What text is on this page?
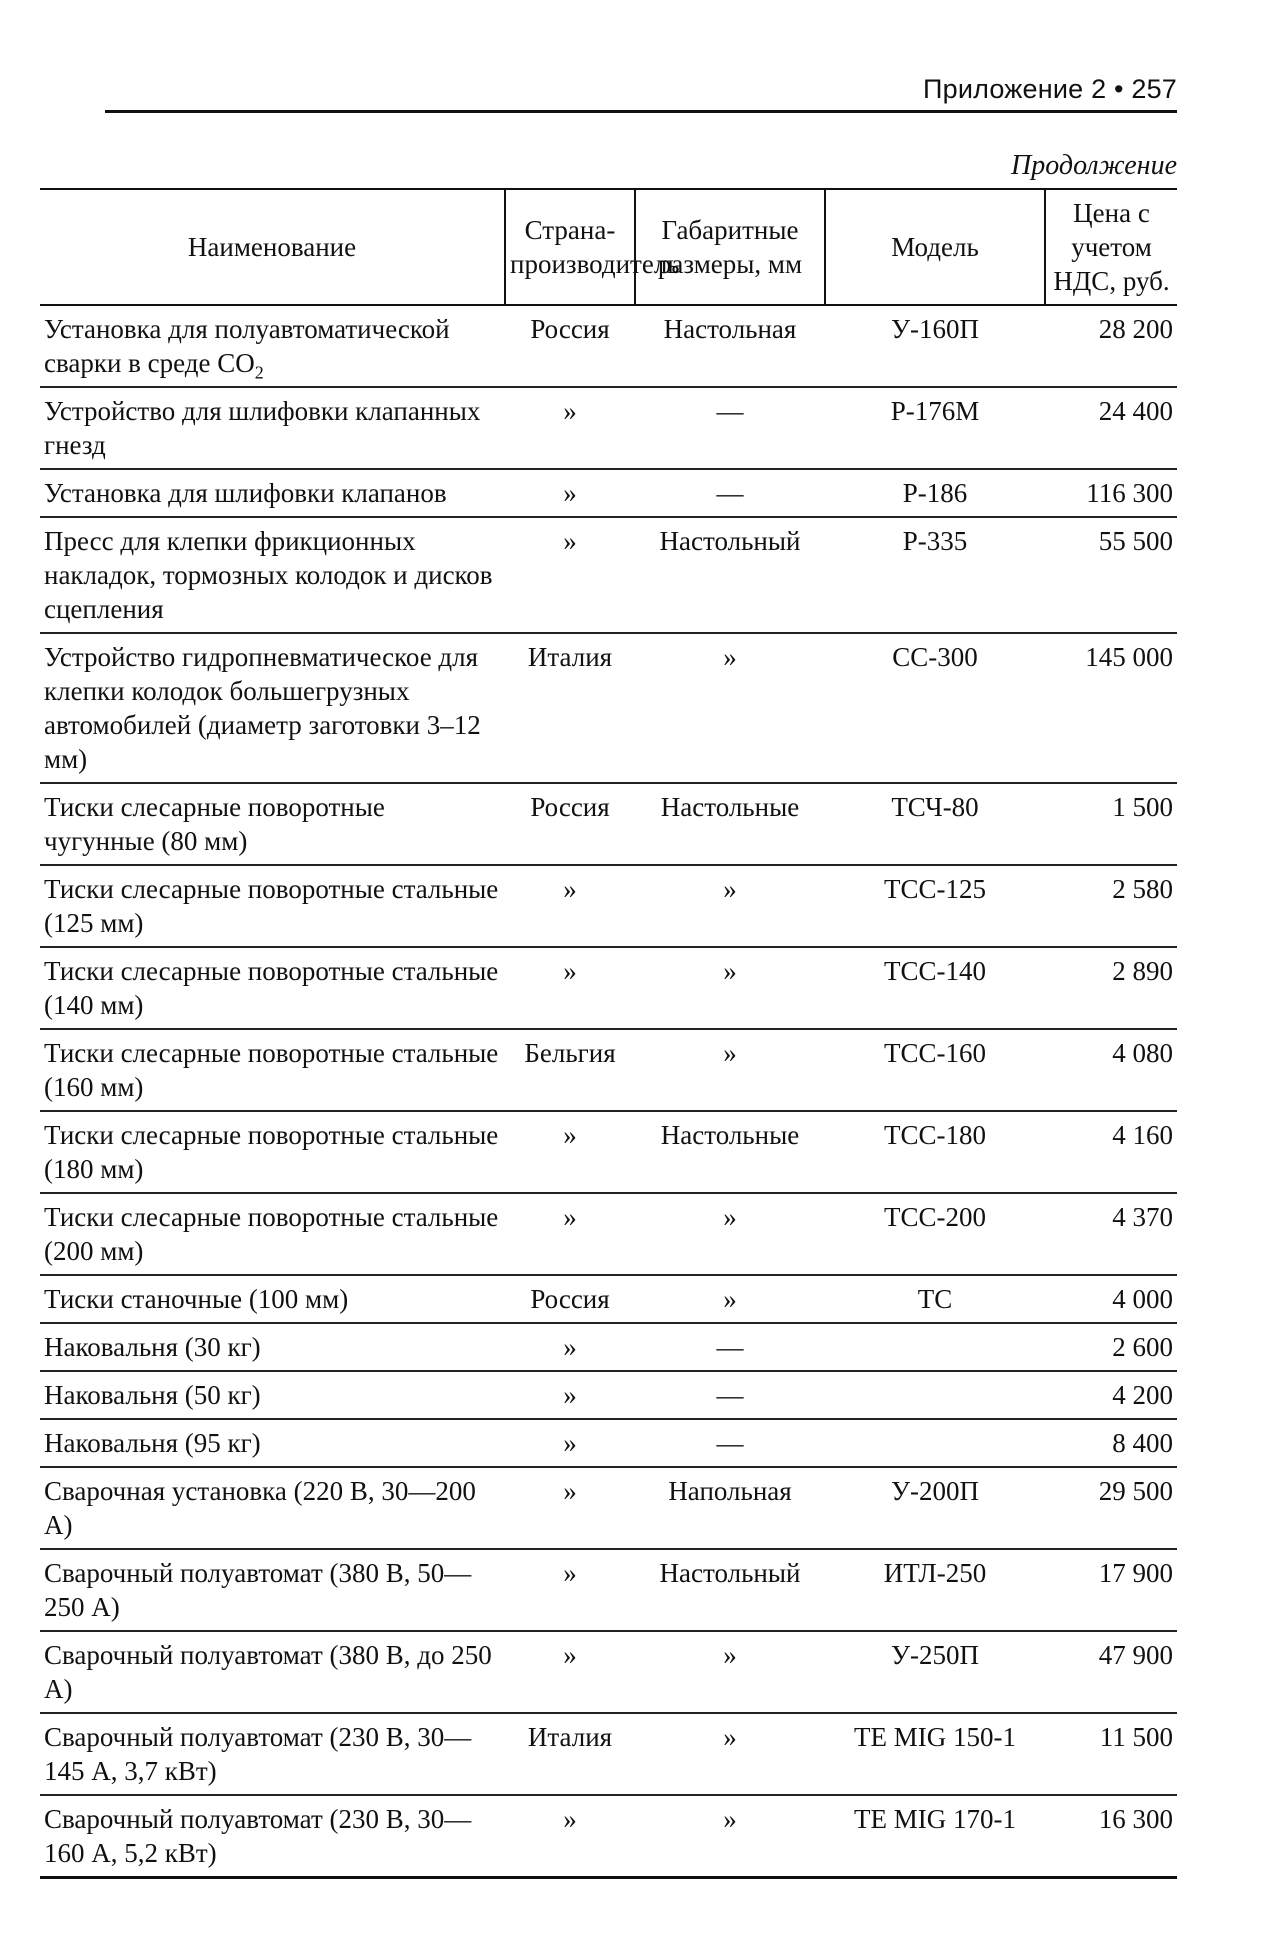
Приложение 2 • 257
Продолжение
Наименование	Страна-производитель	Габаритные размеры, мм	Модель	Цена с учетом НДС, руб.
Установка для полуавтоматической сварки в среде $CO_2$	Россия	Настольная	У-160П	28 200
Устройство для шлифовки клапанных гнезд	»	—	Р-176М	24 400
Установка для шлифовки клапанов	»	—	Р-186	116 300
Пресс для клепки фрикционных накладок, тормозных колодок и дисков сцепления	»	Настольный	Р-335	55 500
Устройство гидропневматическое для клепки колодок большегрузных автомобилей (диаметр заготовки 3–12 мм)	Италия	»	СС-300	145 000
Тиски слесарные поворотные чугунные (80 мм)	Россия	Настольные	ТСЧ-80	1 500
Тиски слесарные поворотные стальные (125 мм)	»	»	ТСС-125	2 580
Тиски слесарные поворотные стальные (140 мм)	»	»	ТСС-140	2 890
Тиски слесарные поворотные стальные (160 мм)	Бельгия	»	ТСС-160	4 080
Тиски слесарные поворотные стальные (180 мм)	»	Настольные	ТСС-180	4 160
Тиски слесарные поворотные стальные (200 мм)	»	»	ТСС-200	4 370
Тиски станочные (100 мм)	Россия	»	ТС	4 000
Наковальня (30 кг)	»	—		2 600
Наковальня (50 кг)	»	—		4 200
Наковальня (95 кг)	»	—		8 400
Сварочная установка (220 В, 30—200 А)	»	Напольная	У-200П	29 500
Сварочный полуавтомат (380 В, 50—250 А)	»	Настольный	ИТЛ-250	17 900
Сварочный полуавтомат (380 В, до 250 А)	»	»	У-250П	47 900
Сварочный полуавтомат (230 В, 30—145 А, 3,7 кВт)	Италия	»	TE MIG 150-1	11 500
Сварочный полуавтомат (230 В, 30—160 А, 5,2 кВт)	»	»	TE MIG 170-1	16 300
